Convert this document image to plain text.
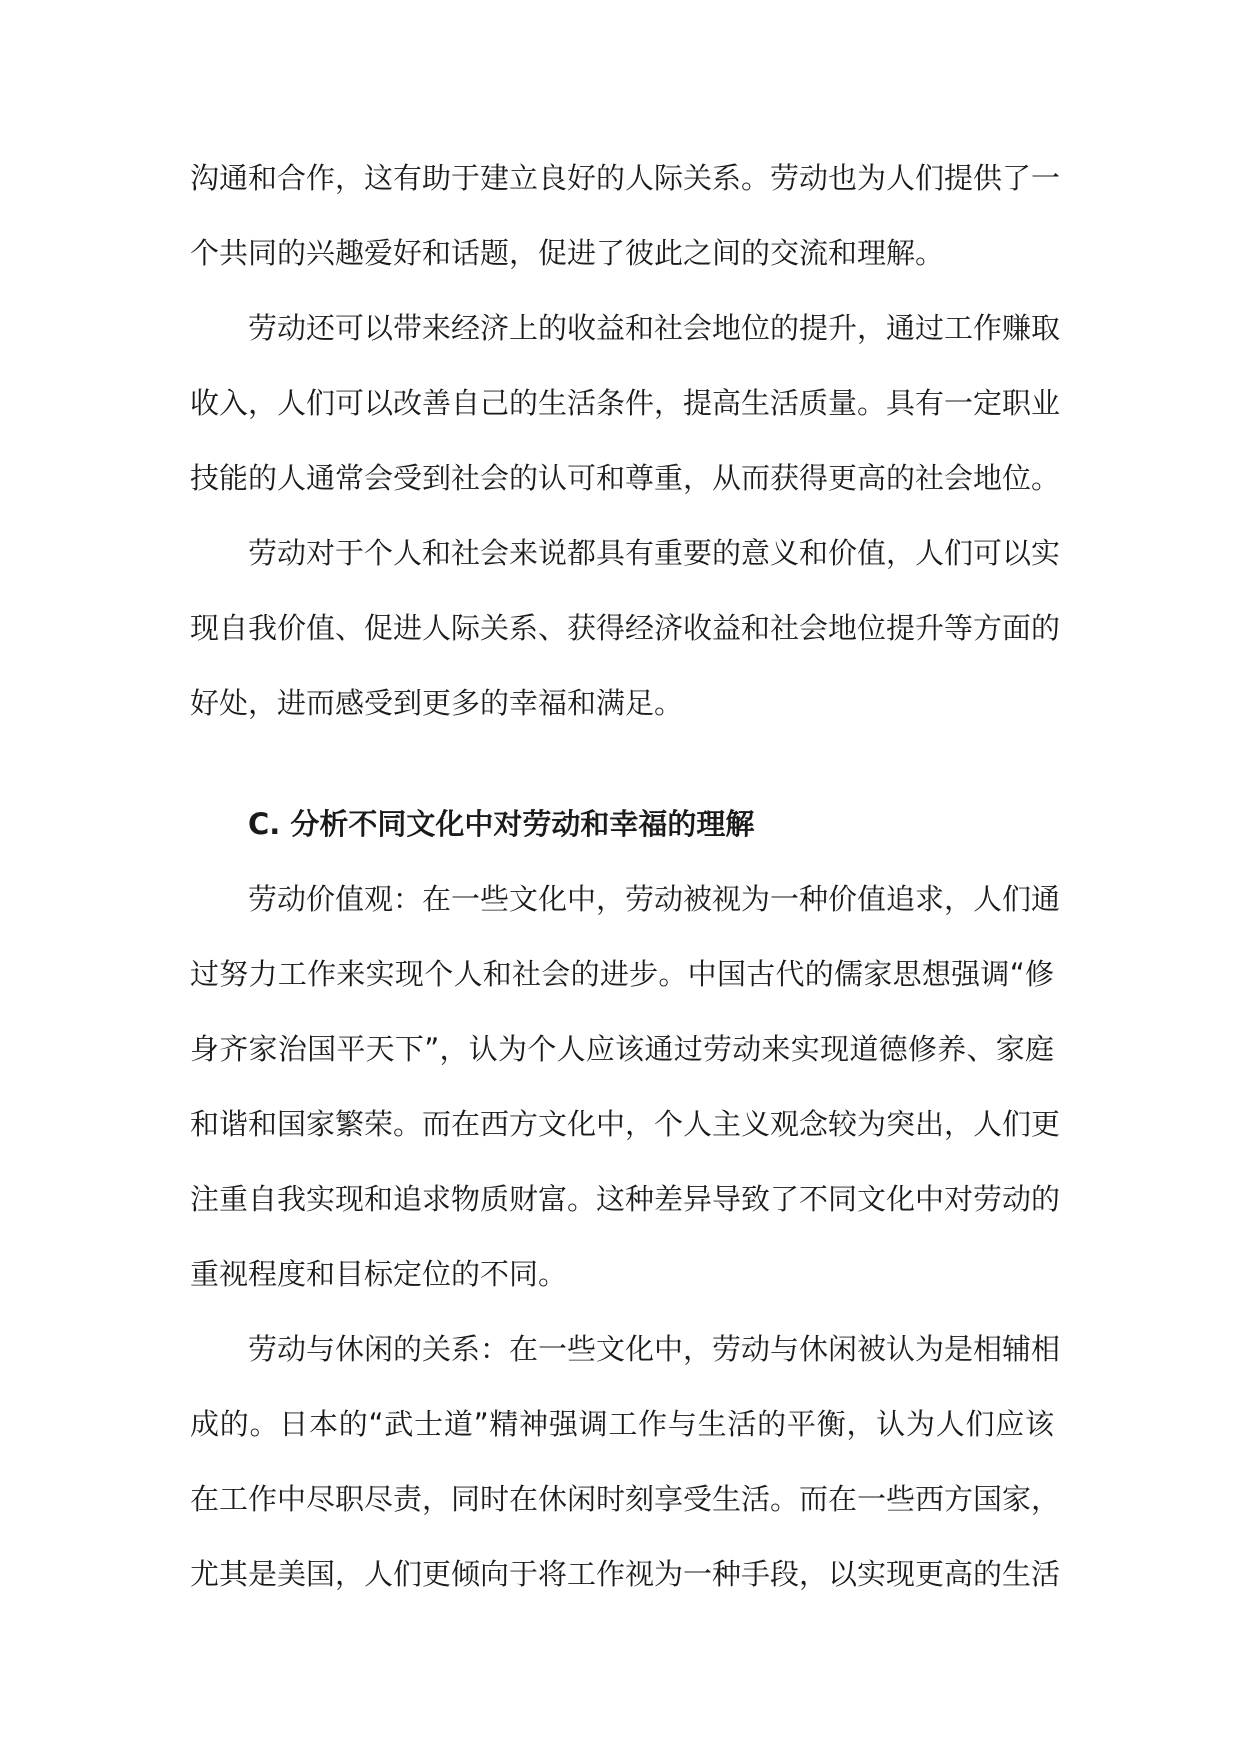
沟通和合作，这有助于建立良好的人际关系。劳动也为人们提供了一
个共同的兴趣爱好和话题，促进了彼此之间的交流和理解。
劳动还可以带来经济上的收益和社会地位的提升，通过工作赚取
收入，人们可以改善自己的生活条件，提高生活质量。具有一定职业
技能的人通常会受到社会的认可和尊重，从而获得更高的社会地位。
劳动对于个人和社会来说都具有重要的意义和价值，人们可以实
现自我价值、促进人际关系、获得经济收益和社会地位提升等方面的
好处，进而感受到更多的幸福和满足。
C. 分析不同文化中对劳动和幸福的理解
劳动价值观：在一些文化中，劳动被视为一种价值追求，人们通
过努力工作来实现个人和社会的进步。中国古代的儒家思想强调“修
身齐家治国平天下”，认为个人应该通过劳动来实现道德修养、家庭
和谐和国家繁荣。而在西方文化中，个人主义观念较为突出，人们更
注重自我实现和追求物质财富。这种差异导致了不同文化中对劳动的
重视程度和目标定位的不同。
劳动与休闲的关系：在一些文化中，劳动与休闲被认为是相辅相
成的。日本的“武士道”精神强调工作与生活的平衡，认为人们应该
在工作中尽职尽责，同时在休闲时刻享受生活。而在一些西方国家，
尤其是美国，人们更倾向于将工作视为一种手段，以实现更高的生活
